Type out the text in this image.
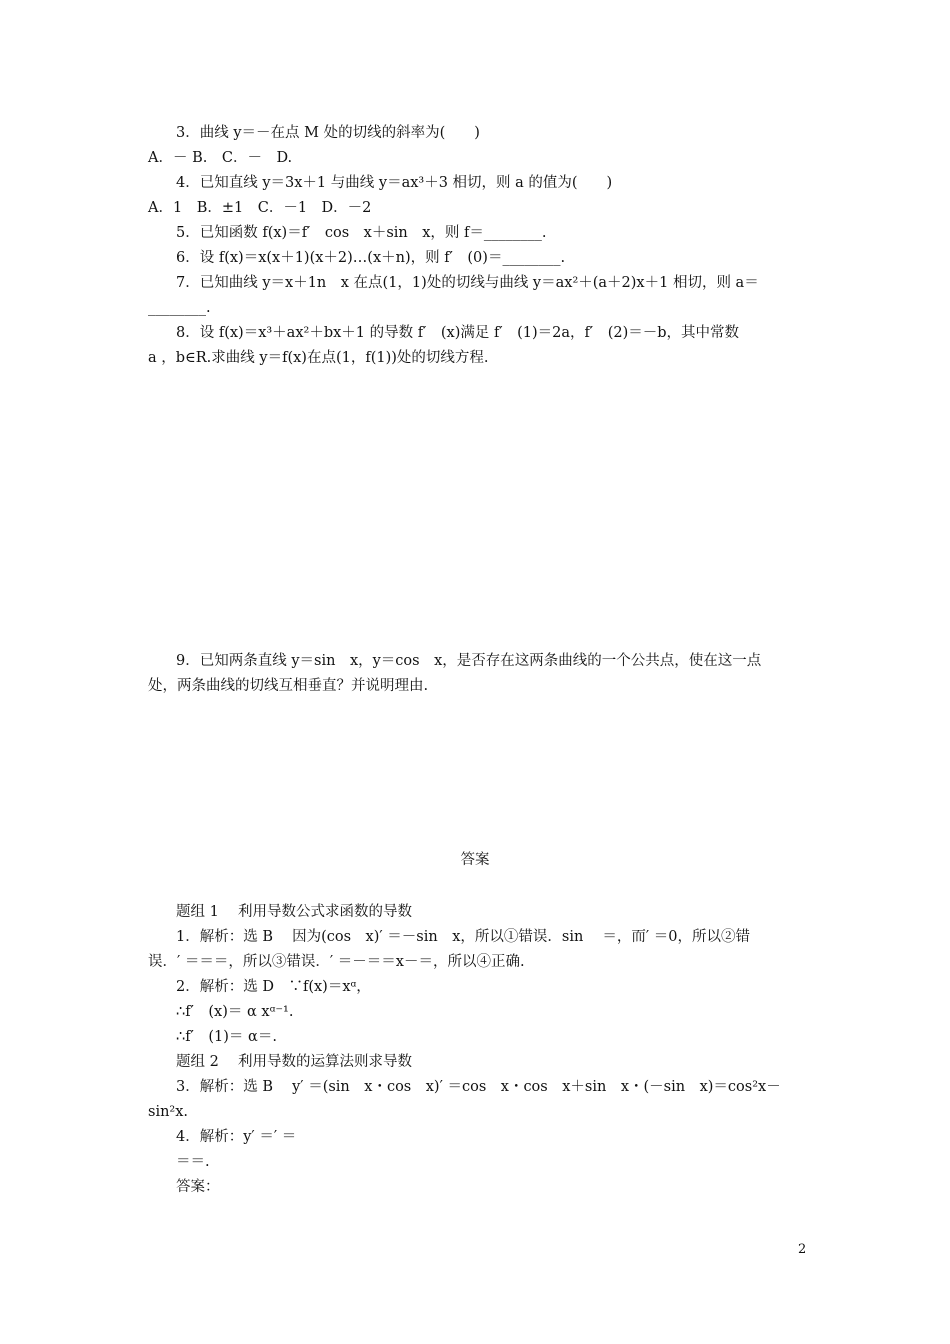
3．曲线 y＝－在点 M 处的切线的斜率为(　　)
A．－ B.　C．－　D.
4．已知直线 y＝3x＋1 与曲线 y＝ax³＋3 相切，则 a 的值为(　　)
A．1　B．±1　C．－1　D．－2
5．已知函数 f(x)＝f′　cos　x＋sin　x，则 f＝________.
6．设 f(x)＝x(x＋1)(x＋2)…(x＋n)，则 f′　(0)＝________.
7．已知曲线 y＝x＋1n　x 在点(1，1)处的切线与曲线 y＝ax²＋(a＋2)x＋1 相切，则 a＝
________.
8．设 f(x)＝x³＋ax²＋bx＋1 的导数 f′　(x)满足 f′　(1)＝2a，f′　(2)＝－b，其中常数
a ，b∈R.求曲线 y＝f(x)在点(1，f(1))处的切线方程.
9．已知两条直线 y＝sin　x，y＝cos　x，是否存在这两条曲线的一个公共点，使在这一点
处，两条曲线的切线互相垂直？并说明理由.
答案
题组 1　 利用导数公式求函数的导数
1．解析：选 B　 因为(cos　x)′ ＝－sin　x，所以①错误．sin　 ＝，而′ ＝0，所以②错
误．′ ＝＝＝，所以③错误．′ ＝－＝＝x－＝，所以④正确.
2．解析：选 D　∵f(x)＝xᵅ，
∴f′　(x)＝ α xᵅ⁻¹.
∴f′　(1)＝ α＝.
题组 2　 利用导数的运算法则求导数
3．解析：选 B　 y′ ＝(sin　x・cos　x)′ ＝cos　x・cos　x＋sin　x・(－sin　x)＝cos²x－
sin²x.
4．解析：y′ ＝′ ＝
＝＝.
答案：
2
